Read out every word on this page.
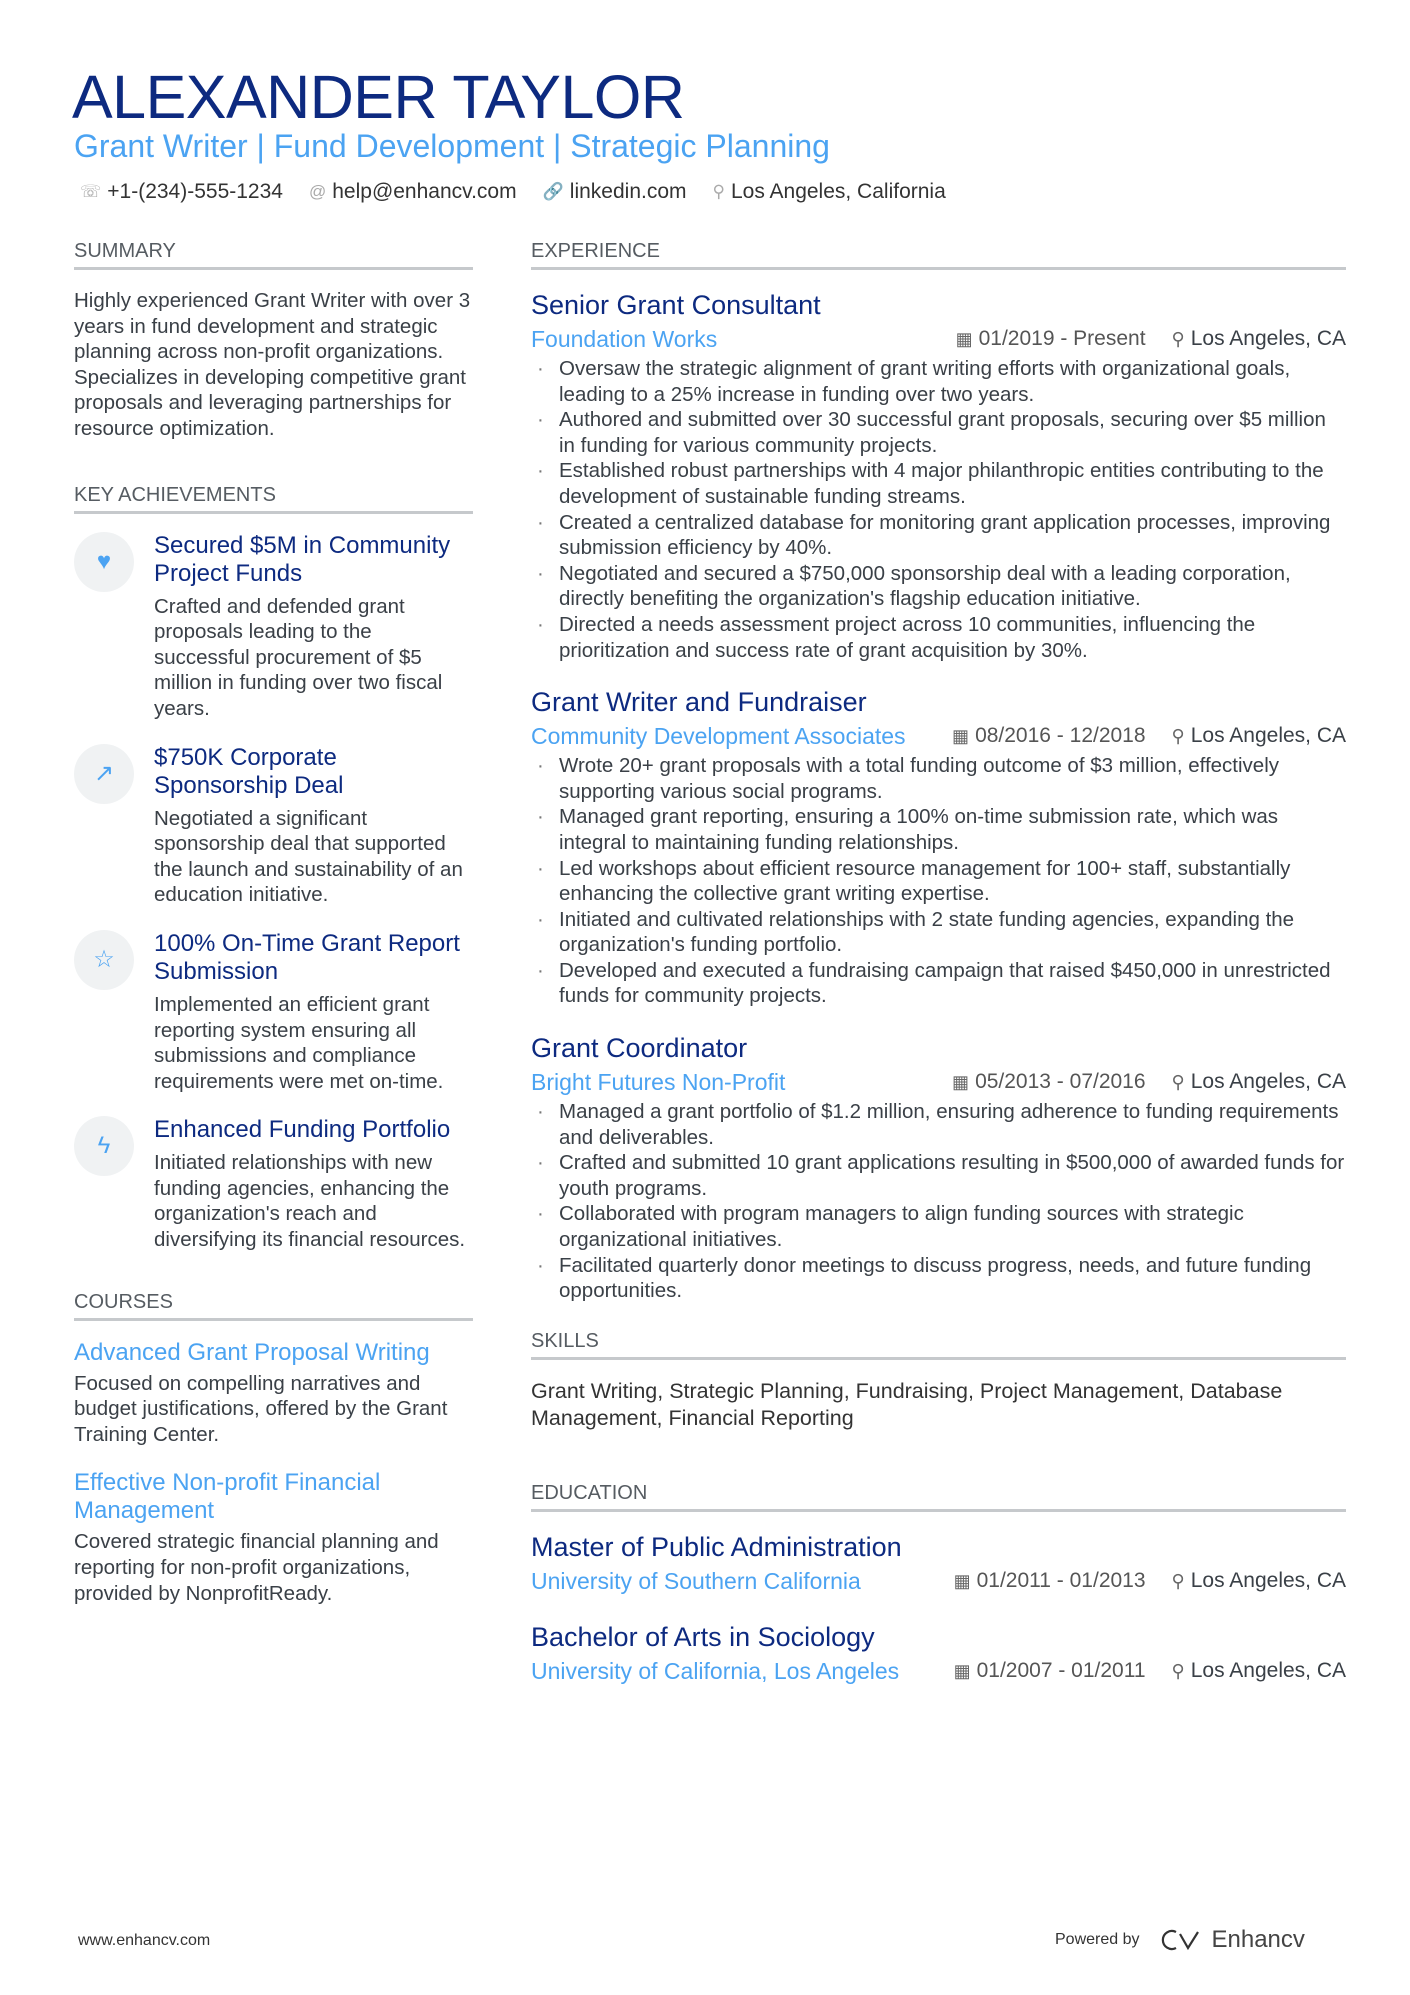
ALEXANDER TAYLOR
Grant Writer | Fund Development | Strategic Planning
☏ +1-(234)-555-1234 @ help@enhancv.com 🔗 linkedin.com ⚲ Los Angeles, California
SUMMARY

Highly experienced Grant Writer with over 3 years in fund development and strategic planning across non-profit organizations. Specializes in developing competitive grant proposals and leveraging partnerships for resource optimization.

KEY ACHIEVEMENTS
♥
Secured $5M in Community Project Funds
Crafted and defended grant proposals leading to the successful procurement of $5 million in funding over two fiscal years.
↗
$750K Corporate Sponsorship Deal
Negotiated a significant sponsorship deal that supported the launch and sustainability of an education initiative.
☆
100% On-Time Grant Report Submission
Implemented an efficient grant reporting system ensuring all submissions and compliance requirements were met on-time.
ϟ
Enhanced Funding Portfolio
Initiated relationships with new funding agencies, enhancing the organization's reach and diversifying its financial resources.
COURSES
Advanced Grant Proposal Writing
Focused on compelling narratives and budget justifications, offered by the Grant Training Center.
Effective Non-profit Financial Management
Covered strategic financial planning and reporting for non-profit organizations, provided by NonprofitReady.
EXPERIENCE
Senior Grant Consultant
Foundation Works	▦ 01/2019 - Present ⚲ Los Angeles, CA
· Oversaw the strategic alignment of grant writing efforts with organizational goals, leading to a 25% increase in funding over two years.
· Authored and submitted over 30 successful grant proposals, securing over $5 million in funding for various community projects.
· Established robust partnerships with 4 major philanthropic entities contributing to the development of sustainable funding streams.
· Created a centralized database for monitoring grant application processes, improving submission efficiency by 40%.
· Negotiated and secured a $750,000 sponsorship deal with a leading corporation, directly benefiting the organization's flagship education initiative.
· Directed a needs assessment project across 10 communities, influencing the prioritization and success rate of grant acquisition by 30%.
Grant Writer and Fundraiser
Community Development Associates	▦ 08/2016 - 12/2018 ⚲ Los Angeles, CA
· Wrote 20+ grant proposals with a total funding outcome of $3 million, effectively supporting various social programs.
· Managed grant reporting, ensuring a 100% on-time submission rate, which was integral to maintaining funding relationships.
· Led workshops about efficient resource management for 100+ staff, substantially enhancing the collective grant writing expertise.
· Initiated and cultivated relationships with 2 state funding agencies, expanding the organization's funding portfolio.
· Developed and executed a fundraising campaign that raised $450,000 in unrestricted funds for community projects.
Grant Coordinator
Bright Futures Non-Profit	▦ 05/2013 - 07/2016 ⚲ Los Angeles, CA
· Managed a grant portfolio of $1.2 million, ensuring adherence to funding requirements and deliverables.
· Crafted and submitted 10 grant applications resulting in $500,000 of awarded funds for youth programs.
· Collaborated with program managers to align funding sources with strategic organizational initiatives.
· Facilitated quarterly donor meetings to discuss progress, needs, and future funding opportunities.
SKILLS

Grant Writing, Strategic Planning, Fundraising, Project Management, Database Management, Financial Reporting

EDUCATION
Master of Public Administration
University of Southern California	▦ 01/2011 - 01/2013 ⚲ Los Angeles, CA
Bachelor of Arts in Sociology
University of California, Los Angeles	▦ 01/2007 - 01/2011 ⚲ Los Angeles, CA
www.enhancv.com	Powered by	Enhancv
